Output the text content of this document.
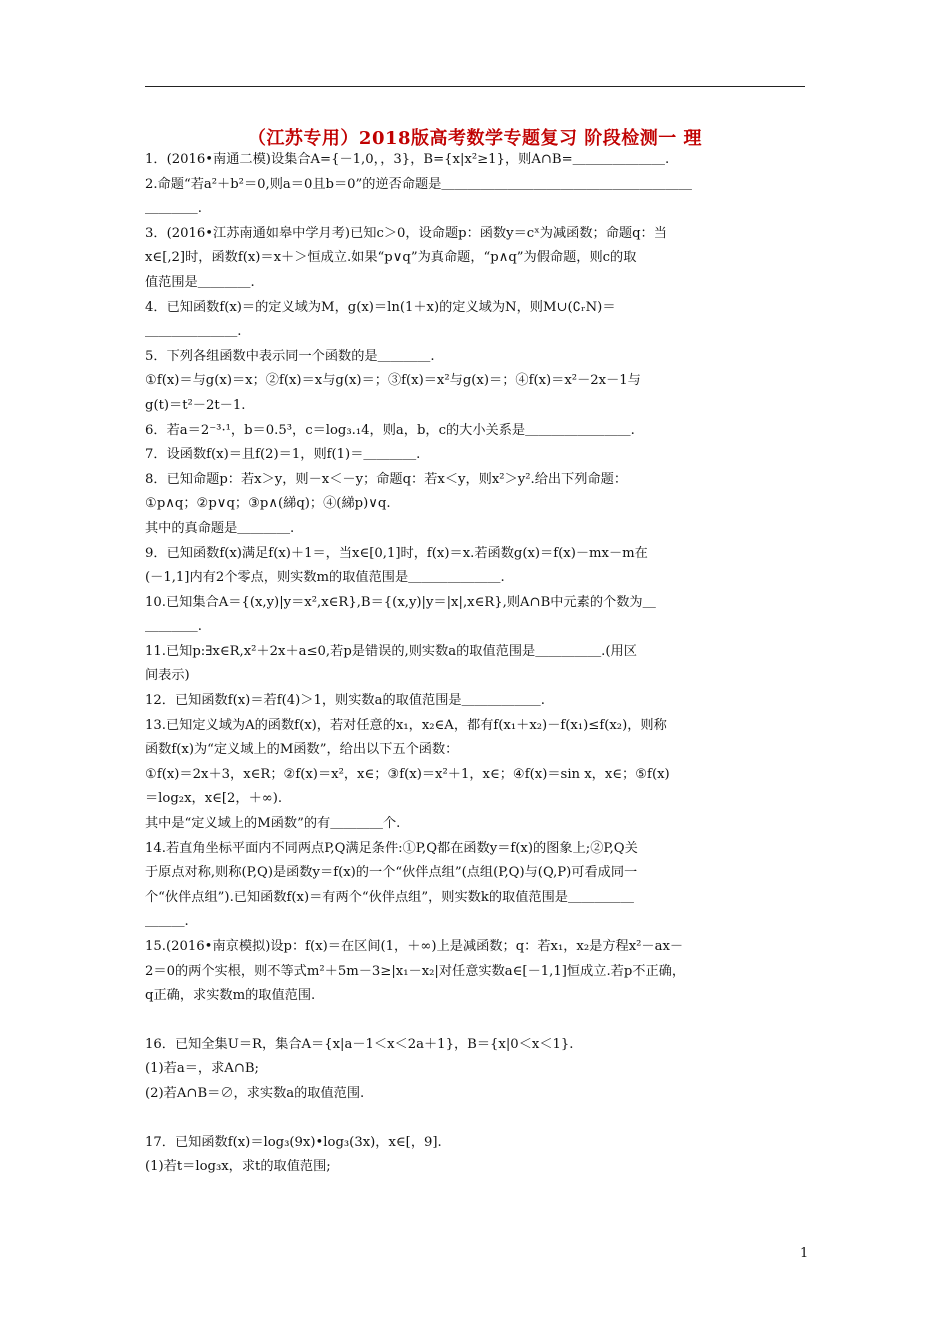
（江苏专用）2018版高考数学专题复习 阶段检测一 理

1．(2016•南通二模)设集合A={－1,0，，3}，B={x|x²≥1}，则A∩B=＿＿＿＿＿＿＿.

2.命题“若a²＋b²＝0,则a＝0且b＝0”的逆否命题是＿＿＿＿＿＿＿＿＿＿＿＿＿＿＿＿＿＿＿

＿＿＿＿.

3．(2016•江苏南通如皋中学月考)已知c＞0，设命题p：函数y＝cˣ为减函数；命题q：当

x∈[,2]时，函数f(x)＝x＋＞恒成立.如果“p∨q”为真命题，“p∧q”为假命题，则c的取

值范围是＿＿＿＿.

4．已知函数f(x)＝的定义域为M，g(x)＝ln(1＋x)的定义域为N，则M∪(∁ᵣN)＝

＿＿＿＿＿＿＿.

5．下列各组函数中表示同一个函数的是＿＿＿＿.

①f(x)＝与g(x)＝x；②f(x)＝x与g(x)＝；③f(x)＝x²与g(x)＝；④f(x)＝x²－2x－1与

g(t)＝t²－2t－1.

6．若a＝2⁻³·¹，b＝0.5³，c＝log₃.₁4，则a，b，c的大小关系是＿＿＿＿＿＿＿＿.

7．设函数f(x)＝且f(2)＝1，则f(1)＝＿＿＿＿.

8．已知命题p：若x＞y，则－x＜－y；命题q：若x＜y，则x²＞y².给出下列命题：

①p∧q；②p∨q；③p∧(綈q)；④(綈p)∨q.

其中的真命题是＿＿＿＿.

9．已知函数f(x)满足f(x)＋1＝，当x∈[0,1]时，f(x)＝x.若函数g(x)＝f(x)－mx－m在

(－1,1]内有2个零点，则实数m的取值范围是＿＿＿＿＿＿＿.

10.已知集合A＝{(x,y)|y＝x²,x∈R},B＝{(x,y)|y＝|x|,x∈R},则A∩B中元素的个数为＿

＿＿＿＿.

11.已知p:∃x∈R,x²＋2x＋a≤0,若p是错误的,则实数a的取值范围是＿＿＿＿＿.(用区

间表示)

12．已知函数f(x)＝若f(4)＞1，则实数a的取值范围是＿＿＿＿＿＿.

13.已知定义域为A的函数f(x)，若对任意的x₁，x₂∈A，都有f(x₁＋x₂)－f(x₁)≤f(x₂)，则称

函数f(x)为“定义域上的M函数”，给出以下五个函数：

①f(x)＝2x＋3，x∈R；②f(x)＝x²，x∈；③f(x)＝x²＋1，x∈；④f(x)＝sin x，x∈；⑤f(x)

＝log₂x，x∈[2，＋∞).

其中是“定义域上的M函数”的有＿＿＿＿个.

14.若直角坐标平面内不同两点P,Q满足条件:①P,Q都在函数y＝f(x)的图象上;②P,Q关

于原点对称,则称(P,Q)是函数y＝f(x)的一个“伙伴点组”(点组(P,Q)与(Q,P)可看成同一

个“伙伴点组”).已知函数f(x)＝有两个“伙伴点组”，则实数k的取值范围是＿＿＿＿＿

＿＿＿.

15.(2016•南京模拟)设p：f(x)＝在区间(1，＋∞)上是减函数；q：若x₁，x₂是方程x²－ax－

2＝0的两个实根，则不等式m²＋5m－3≥|x₁－x₂|对任意实数a∈[－1,1]恒成立.若p不正确，

q正确，求实数m的取值范围.

16．已知全集U＝R，集合A＝{x|a－1＜x＜2a＋1}，B＝{x|0＜x＜1}.

(1)若a＝，求A∩B;

(2)若A∩B＝∅，求实数a的取值范围.

17．已知函数f(x)＝log₃(9x)•log₃(3x)，x∈[，9].

(1)若t＝log₃x，求t的取值范围;

1
